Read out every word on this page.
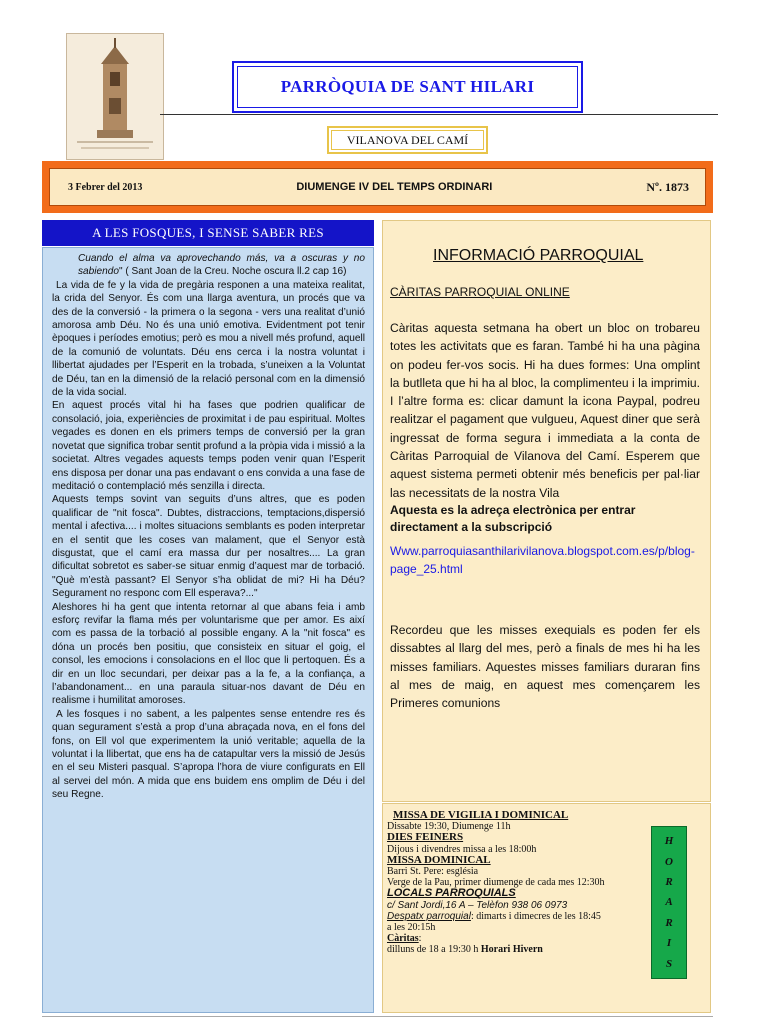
PARRÒQUIA DE SANT HILARI
VILANOVA DEL CAMÍ
3 Febrer del 2013	DIUMENGE IV DEL TEMPS ORDINARI	Nº. 1873
A LES FOSQUES, I SENSE SABER RES

Cuando el alma va aprovechando más, va a oscuras y no sabiendo" ( Sant Joan de la Creu. Noche oscura ll.2 cap 16)

La vida de fe y la vida de pregària responen a una mateixa realitat, la crida del Senyor. És com una llarga aventura, un procés que va des de la conversió - la primera o la segona - vers una realitat d’unió amorosa amb Déu. No és una unió emotiva. Evidentment pot tenir èpoques i períodes emotius; però es mou a nivell més profund, aquell de la comunió de voluntats. Déu ens cerca i la nostra voluntat i llibertat ajudades per l’Esperit en la trobada, s’uneixen a la Voluntat de Déu, tan en la dimensió de la relació personal com en la dimensió de la vida social.

En aquest procés vital hi ha fases que podrien qualificar de consolació, joia, experiències de proximitat i de pau espiritual. Moltes vegades es donen en els primers temps de conversió per la gran novetat que significa trobar sentit profund a la pròpia vida i missió a la societat. Altres vegades aquests temps poden venir quan l’Esperit ens disposa per donar una pas endavant o ens convida a una fase de meditació o contemplació més senzilla i directa.

Aquests temps sovint van seguits d’uns altres, que es poden qualificar de "nit fosca". Dubtes, distraccions, temptacions,dispersió mental i afectiva.... i moltes situacions semblants es poden interpretar en el sentit que les coses van malament, que el Senyor està disgustat, que el camí era massa dur per nosaltres.... La gran dificultat sobretot es saber-se situar enmig d’aquest mar de torbació. "Què m’està passant? El Senyor s’ha oblidat de mi? Hi ha Déu? Segurament no responc com Ell esperava?..."

Aleshores hi ha gent que intenta retornar al que abans feia i amb esforç revifar la flama més per voluntarisme que per amor. Es així com es passa de la torbació al possible engany. A la "nit fosca" es dóna un procés ben positiu, que consisteix en situar el goig, el consol, les emocions i consolacions en el lloc que li pertoquen. És a dir en un lloc secundari, per deixar pas a la fe, a la confiança, a l’abandonament... en una paraula situar-nos davant de Déu en realisme i humilitat amoroses.

A les fosques i no sabent, a les palpentes sense entendre res és quan segurament s’està a prop d’una abraçada nova, en el fons del fons, on Ell vol que experimentem la unió veritable; aquella de la voluntat i la llibertat, que ens ha de catapultar vers la missió de Jesús en el seu Misteri pasqual. S’apropa l’hora de viure configurats en Ell al servei del món. A mida que ens buidem ens omplim de Déu i del seu Regne.

INFORMACIÓ PARROQUIAL
CÀRITAS PARROQUIAL ONLINE
Càritas aquesta setmana ha obert un bloc on trobareu totes les activitats que es faran. També hi ha una pàgina on podeu fer-vos socis. Hi ha dues formes: Una omplint la butlleta que hi ha al bloc, la complimenteu i la imprimiu. I l’altre forma es: clicar damunt la icona Paypal, podreu realitzar el pagament que vulgueu, Aquest diner que serà ingressat de forma segura i immediata a la conta de Càritas Parroquial de Vilanova del Camí. Esperem que aquest sistema permeti obtenir més beneficis per pal·liar las necessitats de la nostra Vila
Aquesta es la adreça electrònica per entrar directament a la subscripció
Www.parroquiasanthilarivilanova.blogspot.com.es/p/blog-page_25.html
Recordeu que les misses exequials es poden fer els dissabtes al llarg del mes, però a finals de mes hi ha les misses familiars. Aquestes misses familiars duraran fins al mes de maig, en aquest mes començarem les Primeres comunions
MISSA DE VIGILIA I DOMINICAL
Dissabte 19:30, Diumenge 11h
DIES FEINERS
Dijous i divendres missa a les 18:00h
MISSA DOMINICAL
Barri St. Pere: església
Verge de la Pau, primer diumenge de cada mes 12:30h
LOCALS PARROQUIALS
c/ Sant Jordi,16 A – Telèfon 938 06 0973
Despatx parroquial: dimarts i dimecres de les 18:45 a les 20:15h
Càritas:
dilluns de 18 a 19:30 h Horari Hivern
H
O
R
A
R
I
S
